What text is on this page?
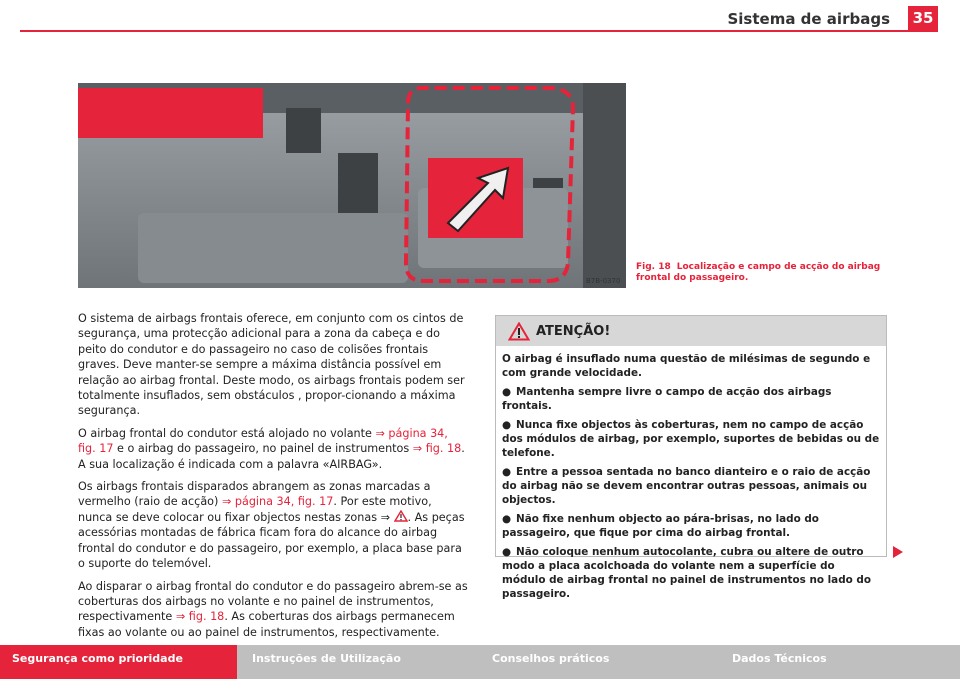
Sistema de airbags	35
B7B-0370
Fig. 18 Localização e campo de acção do airbag frontal do passageiro.

O sistema de airbags frontais oferece, em conjunto com os cintos de segurança, uma protecção adicional para a zona da cabeça e do peito do condutor e do passageiro no caso de colisões frontais graves. Deve manter-se sempre a máxima distância possível em relação ao airbag frontal. Deste modo, os airbags frontais podem ser totalmente insuflados, sem obstáculos , propor-cionando a máxima segurança.

O airbag frontal do condutor está alojado no volante ⇒ página 34, fig. 17 e o airbag do passageiro, no painel de instrumentos ⇒ fig. 18. A sua localização é indicada com a palavra «AIRBAG».

Os airbags frontais disparados abrangem as zonas marcadas a vermelho (raio de acção) ⇒ página 34, fig. 17. Por este motivo, nunca se deve colocar ou fixar objectos nestas zonas ⇒ . As peças acessórias montadas de fábrica ficam fora do alcance do airbag frontal do condutor e do passageiro, por exemplo, a placa base para o suporte do telemóvel.

Ao disparar o airbag frontal do condutor e do passageiro abrem-se as coberturas dos airbags no volante e no painel de instrumentos, respectivamente ⇒ fig. 18. As coberturas dos airbags permanecem fixas ao volante ou ao painel de instrumentos, respectivamente.

ATENÇÃO!

O airbag é insuflado numa questão de milésimas de segundo e com grande velocidade.

● Mantenha sempre livre o campo de acção dos airbags frontais.

● Nunca fixe objectos às coberturas, nem no campo de acção dos módulos de airbag, por exemplo, suportes de bebidas ou de telefone.

● Entre a pessoa sentada no banco dianteiro e o raio de acção do airbag não se devem encontrar outras pessoas, animais ou objectos.

● Não fixe nenhum objecto ao pára-brisas, no lado do passageiro, que fique por cima do airbag frontal.

● Não coloque nenhum autocolante, cubra ou altere de outro modo a placa acolchoada do volante nem a superfície do módulo de airbag frontal no painel de instrumentos no lado do passageiro.

Segurança como prioridade	Instruções de Utilização	Conselhos práticos	Dados Técnicos
